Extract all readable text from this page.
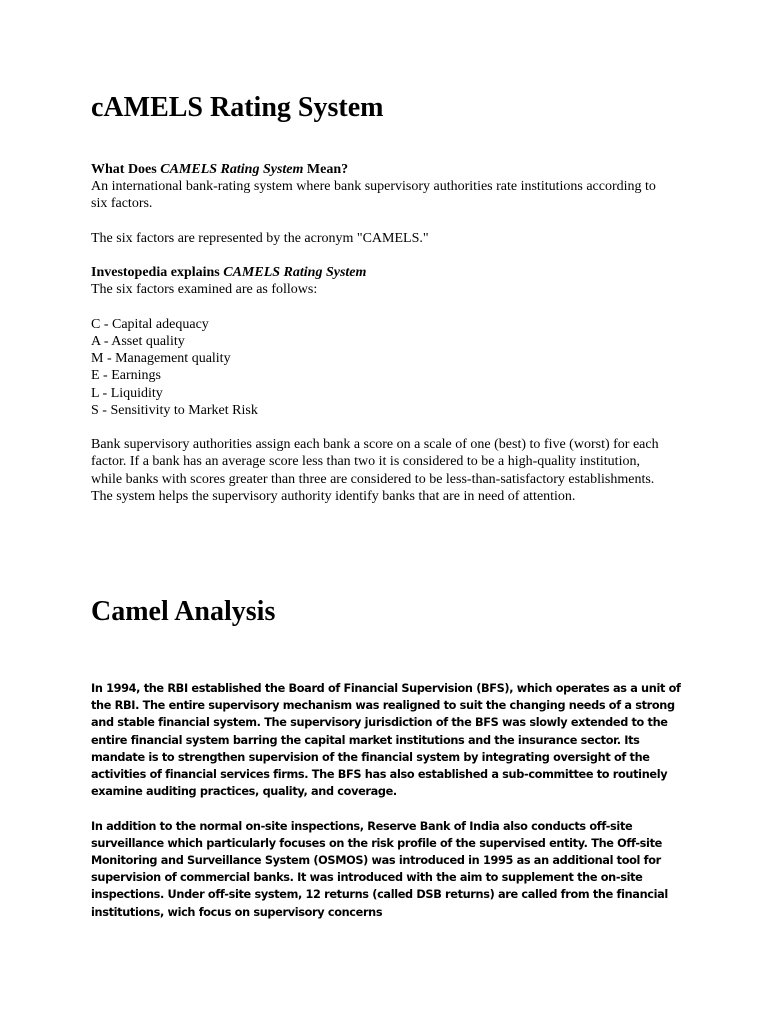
cAMELS Rating System

What Does CAMELS Rating System Mean?

An international bank-rating system where bank supervisory authorities rate institutions according to six factors.

The six factors are represented by the acronym "CAMELS."

Investopedia explains CAMELS Rating System

The six factors examined are as follows:

C - Capital adequacy
A - Asset quality
M - Management quality
E - Earnings
L - Liquidity
S - Sensitivity to Market Risk

Bank supervisory authorities assign each bank a score on a scale of one (best) to five (worst) for each factor. If a bank has an average score less than two it is considered to be a high-quality institution, while banks with scores greater than three are considered to be less-than-satisfactory establishments. The system helps the supervisory authority identify banks that are in need of attention.

Camel Analysis

In 1994, the RBI established the Board of Financial Supervision (BFS), which operates as a unit of the RBI. The entire supervisory mechanism was realigned to suit the changing needs of a strong and stable financial system. The supervisory jurisdiction of the BFS was slowly extended to the entire financial system barring the capital market institutions and the insurance sector. Its mandate is to strengthen supervision of the financial system by integrating oversight of the activities of financial services firms. The BFS has also established a sub-committee to routinely examine auditing practices, quality, and coverage.

In addition to the normal on-site inspections, Reserve Bank of India also conducts off-site surveillance which particularly focuses on the risk profile of the supervised entity. The Off-site Monitoring and Surveillance System (OSMOS) was introduced in 1995 as an additional tool for supervision of commercial banks. It was introduced with the aim to supplement the on-site inspections. Under off-site system, 12 returns (called DSB returns) are called from the financial institutions, wich focus on supervisory concerns
